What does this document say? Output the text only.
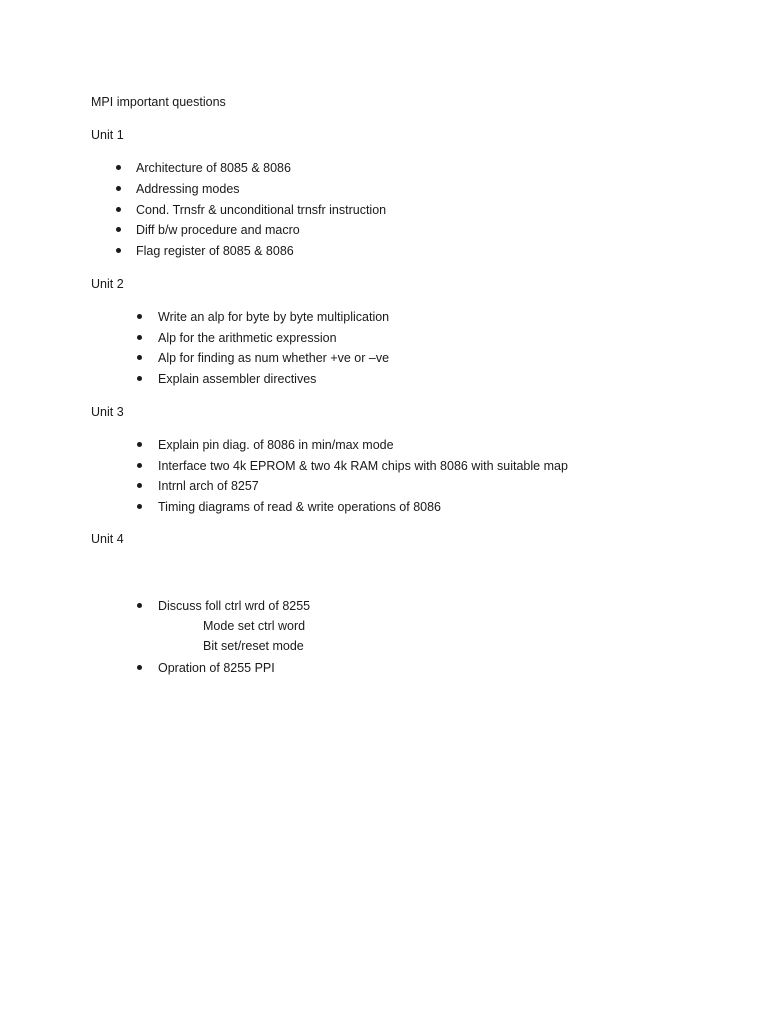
MPI important questions
Unit 1
Architecture of 8085 & 8086
Addressing modes
Cond. Trnsfr & unconditional trnsfr instruction
Diff b/w procedure and macro
Flag register of 8085 & 8086
Unit 2
Write an alp for byte by byte multiplication
Alp for the arithmetic expression
Alp for finding as num whether +ve or –ve
Explain assembler directives
Unit 3
Explain pin diag. of 8086 in min/max mode
Interface two 4k EPROM & two 4k RAM chips with 8086 with suitable map
Intrnl arch of 8257
Timing diagrams of read & write operations of 8086
Unit 4
Discuss foll ctrl wrd of 8255
Mode set ctrl word
Bit set/reset mode
Opration of 8255 PPI
